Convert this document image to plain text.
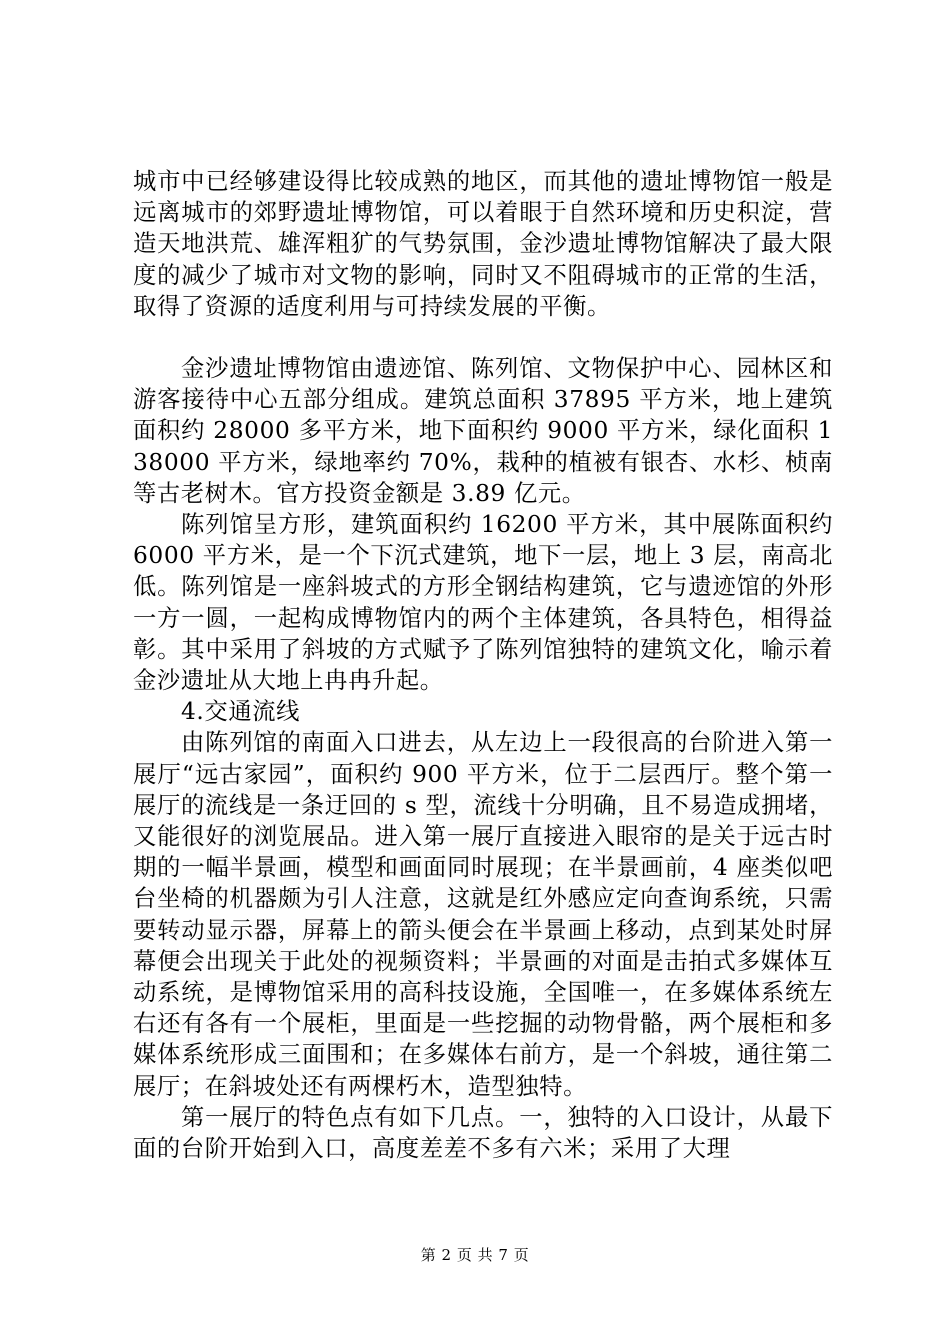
城市中已经够建设得比较成熟的地区，而其他的遗址博物馆一般是远离城市的郊野遗址博物馆，可以着眼于自然环境和历史积淀，营造天地洪荒、雄浑粗犷的气势氛围，金沙遗址博物馆解决了最大限度的减少了城市对文物的影响，同时又不阻碍城市的正常的生活，取得了资源的适度利用与可持续发展的平衡。

金沙遗址博物馆由遗迹馆、陈列馆、文物保护中心、园林区和游客接待中心五部分组成。建筑总面积 37895 平方米，地上建筑面积约 28000 多平方米，地下面积约 9000 平方米，绿化面积 138000 平方米，绿地率约 70%，栽种的植被有银杏、水杉、桢南等古老树木。官方投资金额是 3.89 亿元。

陈列馆呈方形，建筑面积约 16200 平方米，其中展陈面积约 6000 平方米，是一个下沉式建筑，地下一层，地上 3 层，南高北低。陈列馆是一座斜坡式的方形全钢结构建筑，它与遗迹馆的外形一方一圆，一起构成博物馆内的两个主体建筑，各具特色，相得益彰。其中采用了斜坡的方式赋予了陈列馆独特的建筑文化，喻示着金沙遗址从大地上冉冉升起。

4.交通流线

由陈列馆的南面入口进去，从左边上一段很高的台阶进入第一展厅“远古家园”，面积约 900 平方米，位于二层西厅。整个第一展厅的流线是一条迂回的 s 型，流线十分明确，且不易造成拥堵，又能很好的浏览展品。进入第一展厅直接进入眼帘的是关于远古时期的一幅半景画，模型和画面同时展现；在半景画前，4 座类似吧台坐椅的机器颇为引人注意，这就是红外感应定向查询系统，只需要转动显示器，屏幕上的箭头便会在半景画上移动，点到某处时屏幕便会出现关于此处的视频资料；半景画的对面是击拍式多媒体互动系统，是博物馆采用的高科技设施，全国唯一，在多媒体系统左右还有各有一个展柜，里面是一些挖掘的动物骨骼，两个展柜和多媒体系统形成三面围和；在多媒体右前方，是一个斜坡，通往第二展厅；在斜坡处还有两棵朽木，造型独特。

第一展厅的特色点有如下几点。一，独特的入口设计，从最下面的台阶开始到入口，高度差差不多有六米；采用了大理

第 2 页 共 7 页
